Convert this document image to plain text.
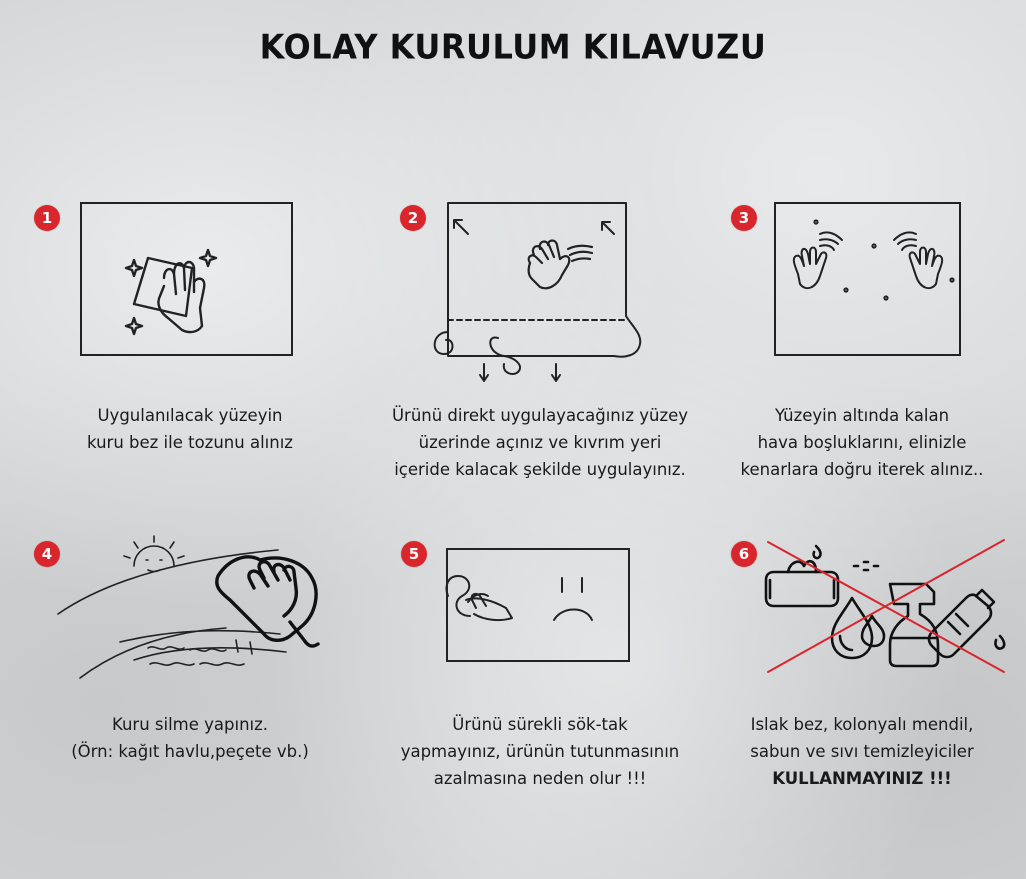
KOLAY KURULUM KILAVUZU
1
Uygulanılacak yüzeyin
kuru bez ile tozunu alınız
2
Ürünü direkt uygulayacağınız yüzey
üzerinde açınız ve kıvrım yeri
içeride kalacak şekilde uygulayınız.
3
Yüzeyin altında kalan
hava boşluklarını, elinizle
kenarlara doğru iterek alınız..
4
Kuru silme yapınız.
(Örn: kağıt havlu,peçete vb.)
5
Ürünü sürekli sök-tak
yapmayınız, ürünün tutunmasının
azalmasına neden olur !!!
6
Islak bez, kolonyalı mendil,
sabun ve sıvı temizleyiciler
KULLANMAYINIZ !!!
